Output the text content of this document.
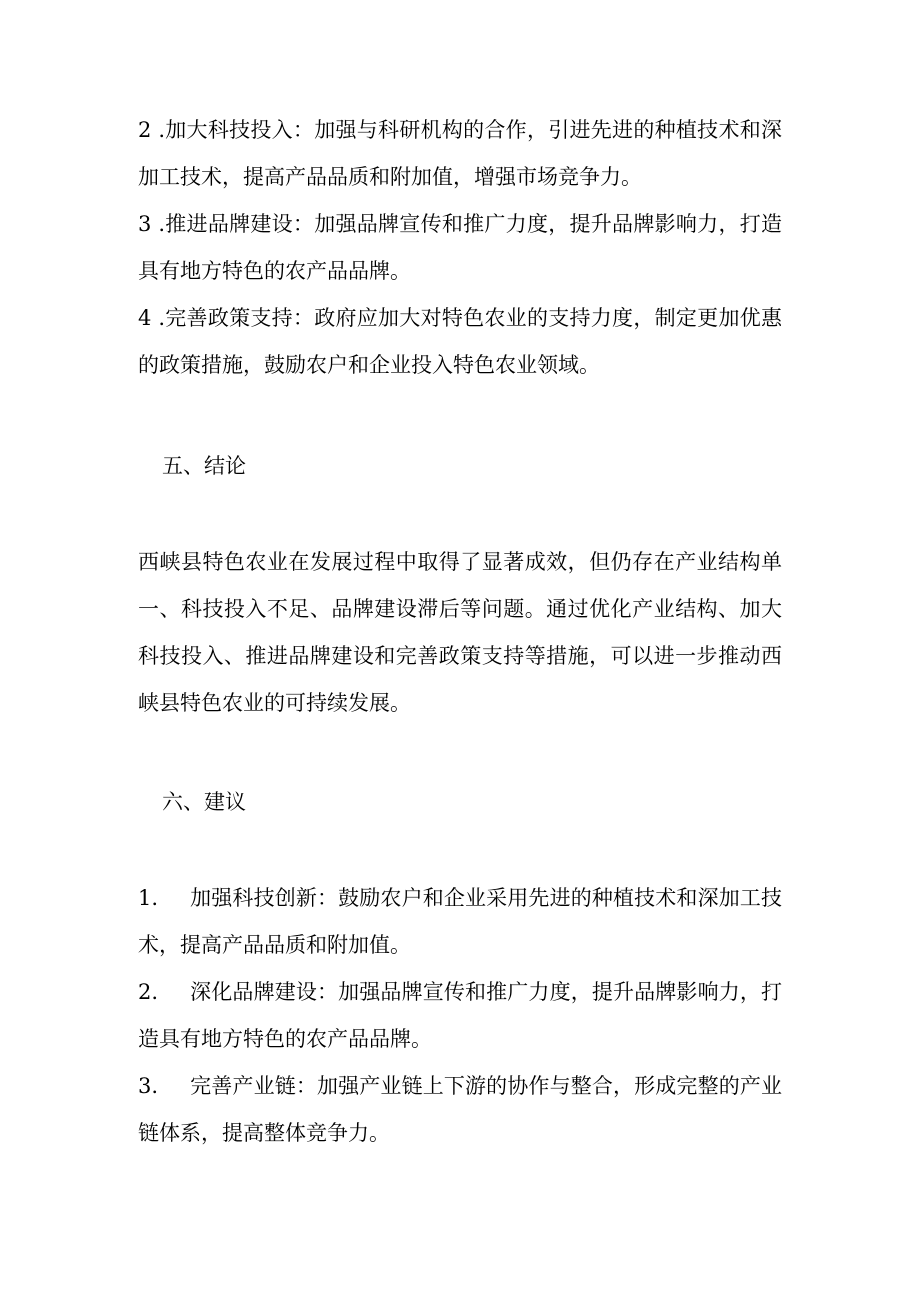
2 .加大科技投入：加强与科研机构的合作，引进先进的种植技术和深加工技术，提高产品品质和附加值，增强市场竞争力。

3 .推进品牌建设：加强品牌宣传和推广力度，提升品牌影响力，打造具有地方特色的农产品品牌。

4 .完善政策支持：政府应加大对特色农业的支持力度，制定更加优惠的政策措施，鼓励农户和企业投入特色农业领域。

五、结论

西峡县特色农业在发展过程中取得了显著成效，但仍存在产业结构单一、科技投入不足、品牌建设滞后等问题。通过优化产业结构、加大科技投入、推进品牌建设和完善政策支持等措施，可以进一步推动西峡县特色农业的可持续发展。

六、建议

1. 加强科技创新：鼓励农户和企业采用先进的种植技术和深加工技术，提高产品品质和附加值。

2. 深化品牌建设：加强品牌宣传和推广力度，提升品牌影响力，打造具有地方特色的农产品品牌。

3. 完善产业链：加强产业链上下游的协作与整合，形成完整的产业链体系，提高整体竞争力。
